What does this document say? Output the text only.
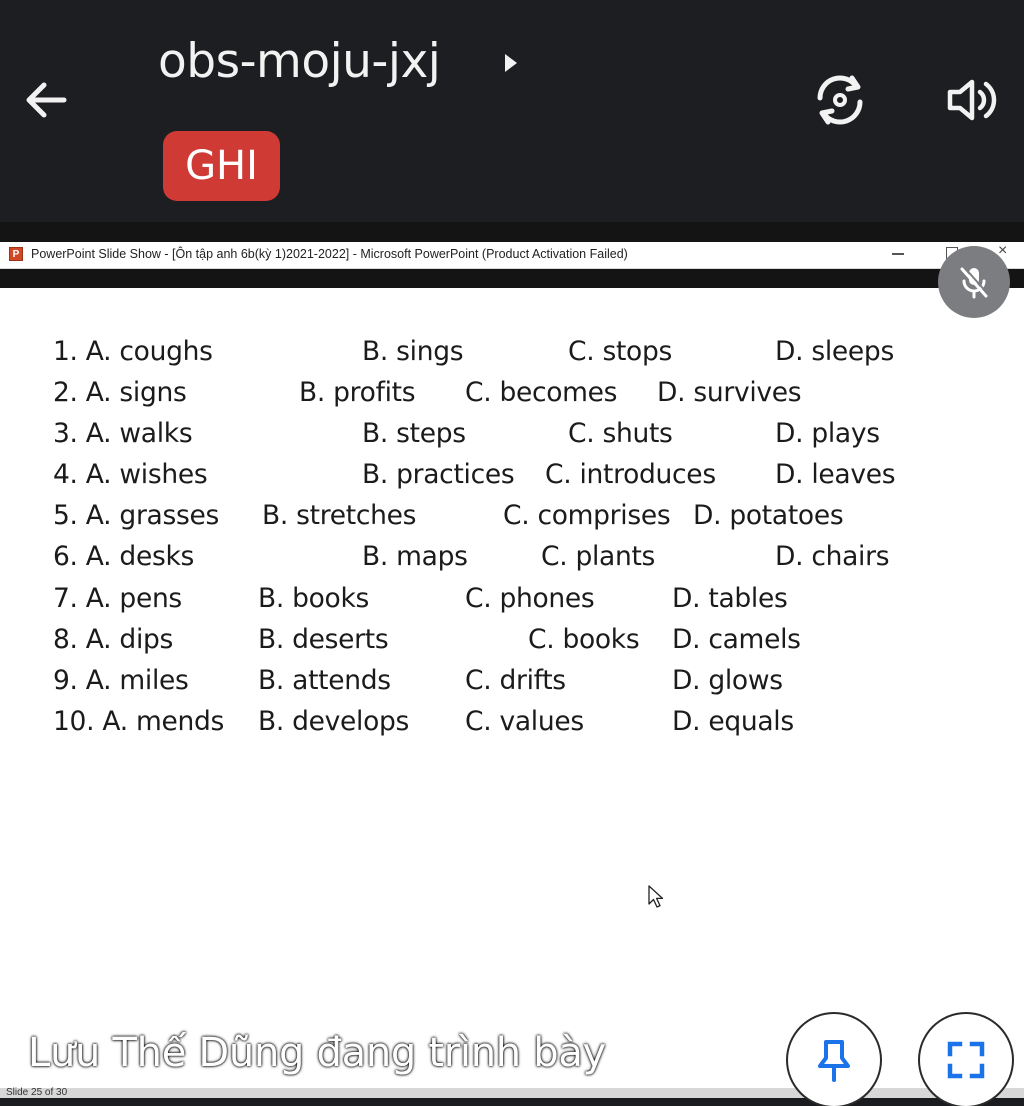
obs-moju-jxj
GHI
P PowerPoint Slide Show - [Ôn tập anh 6b(kỳ 1)2021-2022] - Microsoft PowerPoint (Product Activation Failed)	×
1. A. coughs	B. sings	C. stops	D. sleeps
2. A. signs	B. profits C. becomes D. survives
3. A. walks	B. steps	C. shuts	D. plays
4. A. wishes	B. practices C. introduces D. leaves
5. A. grasses B. stretches	C. comprises D. potatoes
6. A. desks	B. maps	C. plants	D. chairs
7. A. pens	B. books	C. phones	D. tables
8. A. dips	B. deserts	C. books D. camels
9. A. miles	B. attends	C. drifts	D. glows
10. A. mends B. develops C. values	D. equals
Slide 25 of 30
Lưu Thế Dũng đang trình bày
